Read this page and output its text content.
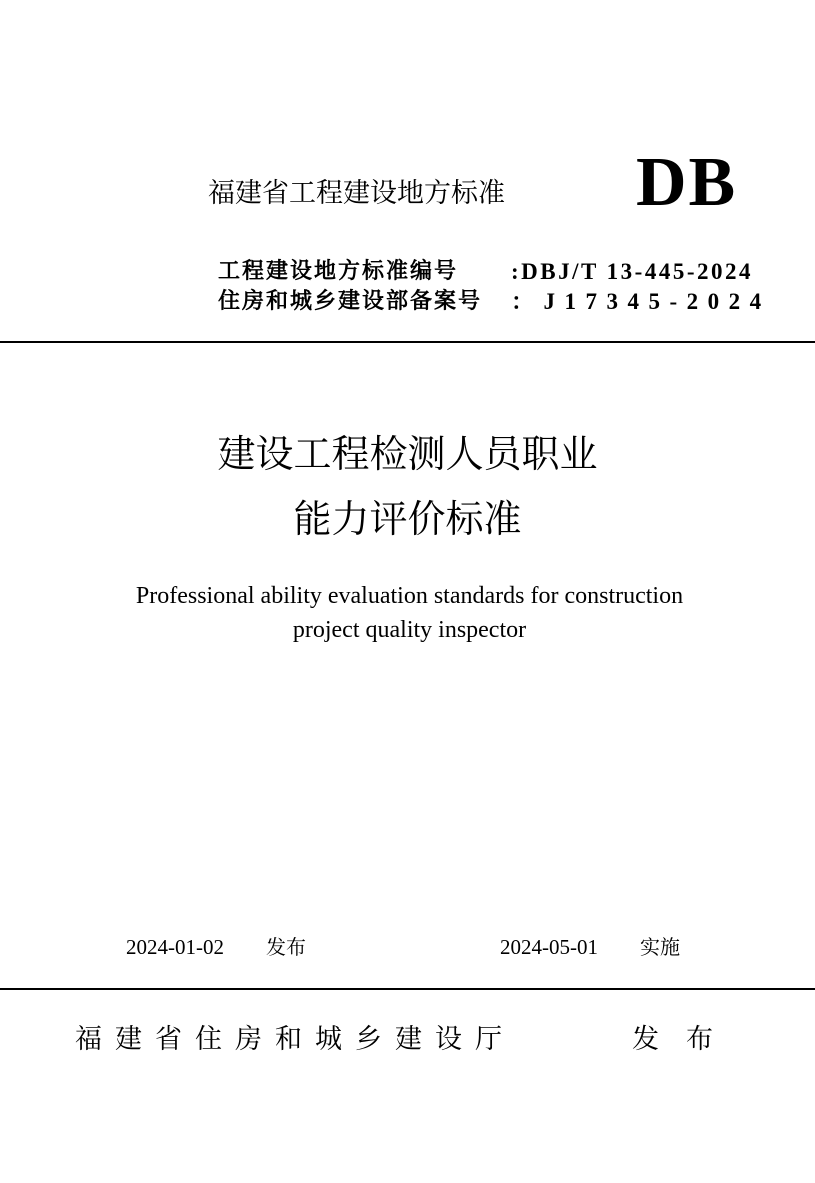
福建省工程建设地方标准 DB
工程建设地方标准编号 :DBJ/T 13-445-2024
住房和城乡建设部备案号 ：J17345-2024
建设工程检测人员职业
能力评价标准
Professional ability evaluation standards for construction
project quality inspector
2024-01-02 发布	2024-05-01 实施
福建省住房和城乡建设厅	发布
